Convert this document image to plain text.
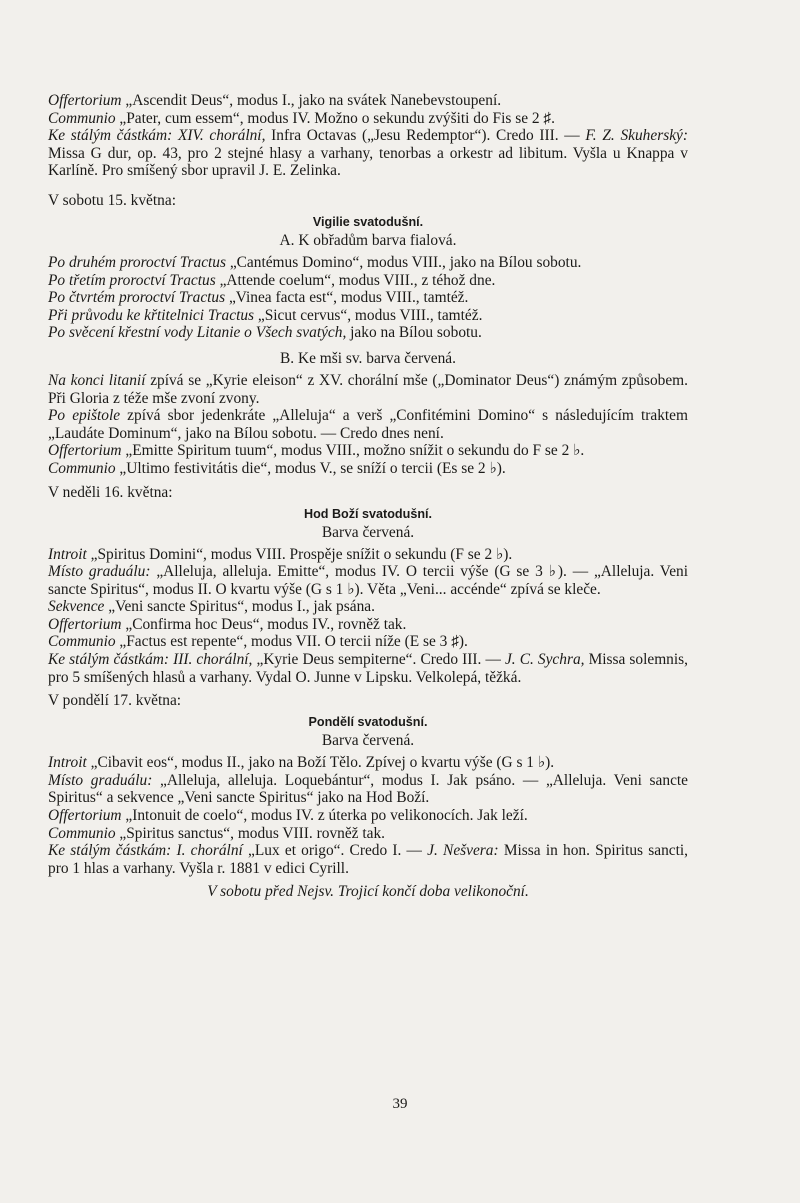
Offertorium „Ascendit Deus“, modus I., jako na svátek Nanebevstoupení.

Communio „Pater, cum essem“, modus IV. Možno o sekundu zvýšiti do Fis se 2 ♯.

Ke stálým částkám: XIV. chorální, Infra Octavas („Jesu Redemptor“). Credo III. — F. Z. Skuherský: Missa G dur, op. 43, pro 2 stejné hlasy a varhany, tenorbas a orkestr ad libitum. Vyšla u Knappa v Karlíně. Pro smíšený sbor upravil J. E. Zelinka.

V sobotu 15. května:

Vigilie svatodušní.
A. K obřadům barva fialová.

Po druhém proroctví Tractus „Cantémus Domino“, modus VIII., jako na Bílou sobotu.

Po třetím proroctví Tractus „Attende coelum“, modus VIII., z téhož dne.

Po čtvrtém proroctví Tractus „Vinea facta est“, modus VIII., tamtéž.

Při průvodu ke křtitelnici Tractus „Sicut cervus“, modus VIII., tamtéž.

Po svěcení křestní vody Litanie o Všech svatých, jako na Bílou sobotu.

B. Ke mši sv. barva červená.

Na konci litanií zpívá se „Kyrie eleison“ z XV. chorální mše („Dominator Deus“) známým způsobem. Při Gloria z téže mše zvoní zvony.

Po epištole zpívá sbor jedenkráte „Alleluja“ a verš „Confitémini Domino“ s následujícím traktem „Laudáte Dominum“, jako na Bílou sobotu. — Credo dnes není.

Offertorium „Emitte Spiritum tuum“, modus VIII., možno snížit o sekundu do F se 2 ♭.

Communio „Ultimo festivitátis die“, modus V., se sníží o tercii (Es se 2 ♭).

V neděli 16. května:

Hod Boží svatodušní.
Barva červená.

Introit „Spiritus Domini“, modus VIII. Prospěje snížit o sekundu (F se 2 ♭).

Místo graduálu: „Alleluja, alleluja. Emitte“, modus IV. O tercii výše (G se 3 ♭). — „Alleluja. Veni sancte Spiritus“, modus II. O kvartu výše (G s 1 ♭). Věta „Veni... accénde“ zpívá se kleče.

Sekvence „Veni sancte Spiritus“, modus I., jak psána.

Offertorium „Confirma hoc Deus“, modus IV., rovněž tak.

Communio „Factus est repente“, modus VII. O tercii níže (E se 3 ♯).

Ke stálým částkám: III. chorální, „Kyrie Deus sempiterne“. Credo III. — J. C. Sychra, Missa solemnis, pro 5 smíšených hlasů a varhany. Vydal O. Junne v Lipsku. Velkolepá, těžká.

V pondělí 17. května:

Pondělí svatodušní.
Barva červená.

Introit „Cibavit eos“, modus II., jako na Boží Tělo. Zpívej o kvartu výše (G s 1 ♭).

Místo graduálu: „Alleluja, alleluja. Loquebántur“, modus I. Jak psáno. — „Alleluja. Veni sancte Spiritus“ a sekvence „Veni sancte Spiritus“ jako na Hod Boží.

Offertorium „Intonuit de coelo“, modus IV. z úterka po velikonocích. Jak leží.

Communio „Spiritus sanctus“, modus VIII. rovněž tak.

Ke stálým částkám: I. chorální „Lux et origo“. Credo I. — J. Nešvera: Missa in hon. Spiritus sancti, pro 1 hlas a varhany. Vyšla r. 1881 v edici Cyrill.

V sobotu před Nejsv. Trojicí končí doba velikonoční.

39
